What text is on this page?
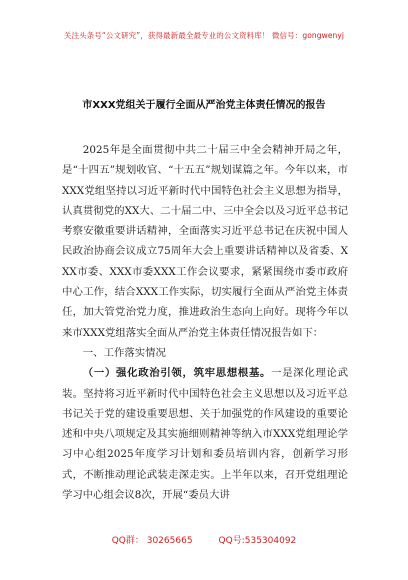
关注头条号“公文研究”，获得最新最全最专业的公文资料库！ 微信号：gongwenyj
市XXX党组关于履行全面从严治党主体责任情况的报告

2025年是全面贯彻中共二十届三中全会精神开局之年，是“十四五”规划收官、“十五五”规划谋篇之年。今年以来，市XXX党组坚持以习近平新时代中国特色社会主义思想为指导，认真贯彻党的XX大、二十届二中、三中全会以及习近平总书记考察安徽重要讲话精神，全面落实习近平总书记在庆祝中国人民政治协商会议成立75周年大会上重要讲话精神以及省委、XXX市委、XXX市委XXX工作会议要求，紧紧围绕市委市政府中心工作，结合XXX工作实际，切实履行全面从严治党主体责任，加大管党治党力度，推进政治生态向上向好。现将今年以来市XXX党组落实全面从严治党主体责任情况报告如下：

一、工作落实情况

（一）强化政治引领，筑牢思想根基。一是深化理论武装。坚持将习近平新时代中国特色社会主义思想以及习近平总书记关于党的建设重要思想、关于加强党的作风建设的重要论述和中央八项规定及其实施细则精神等纳入市XXX党组理论学习中心组2025年度学习计划和委员培训内容，创新学习形式，不断推动理论武装走深走实。上半年以来，召开党组理论学习中心组会议8次，开展“委员大讲

QQ群： 30265665	QQ号:535304092
